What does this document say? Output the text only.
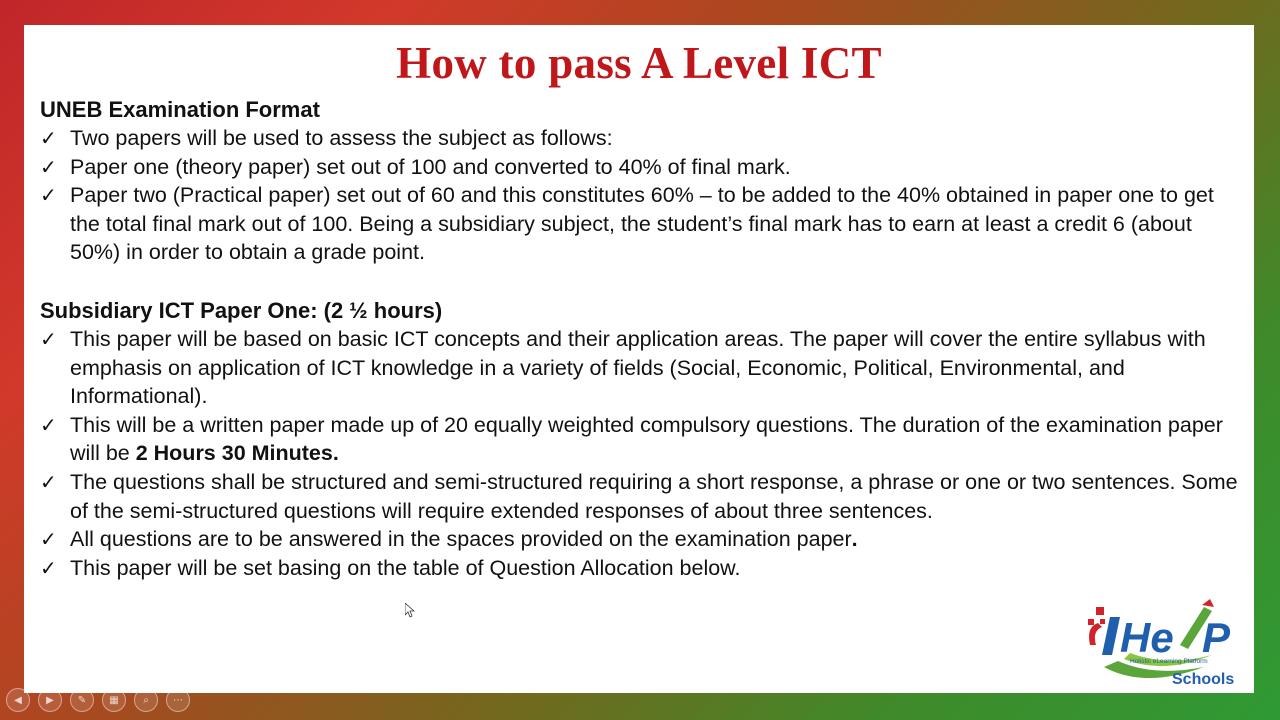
How to pass A Level ICT
UNEB Examination Format
✓ Two papers will be used to assess the subject as follows:
✓ Paper one (theory paper) set out of 100 and converted to 40% of final mark.
✓ Paper two (Practical paper) set out of 60 and this constitutes 60% – to be added to the 40% obtained in paper one to get the total final mark out of 100. Being a subsidiary subject, the student’s final mark has to earn at least a credit 6 (about 50%) in order to obtain a grade point.
Subsidiary ICT Paper One: (2 ½ hours)
✓ This paper will be based on basic ICT concepts and their application areas. The paper will cover the entire syllabus with emphasis on application of ICT knowledge in a variety of fields (Social, Economic, Political, Environmental, and Informational).
✓ This will be a written paper made up of 20 equally weighted compulsory questions. The duration of the examination paper will be 2 Hours 30 Minutes.
✓ The questions shall be structured and semi-structured requiring a short response, a phrase or one or two sentences. Some of the semi-structured questions will require extended responses of about three sentences.
✓ All questions are to be answered in the spaces provided on the examination paper.
✓ This paper will be set basing on the table of Question Allocation below.
He P
Holistic eLearning Platform
Schools
◀	▶	✎	▦	⌕	⋯
